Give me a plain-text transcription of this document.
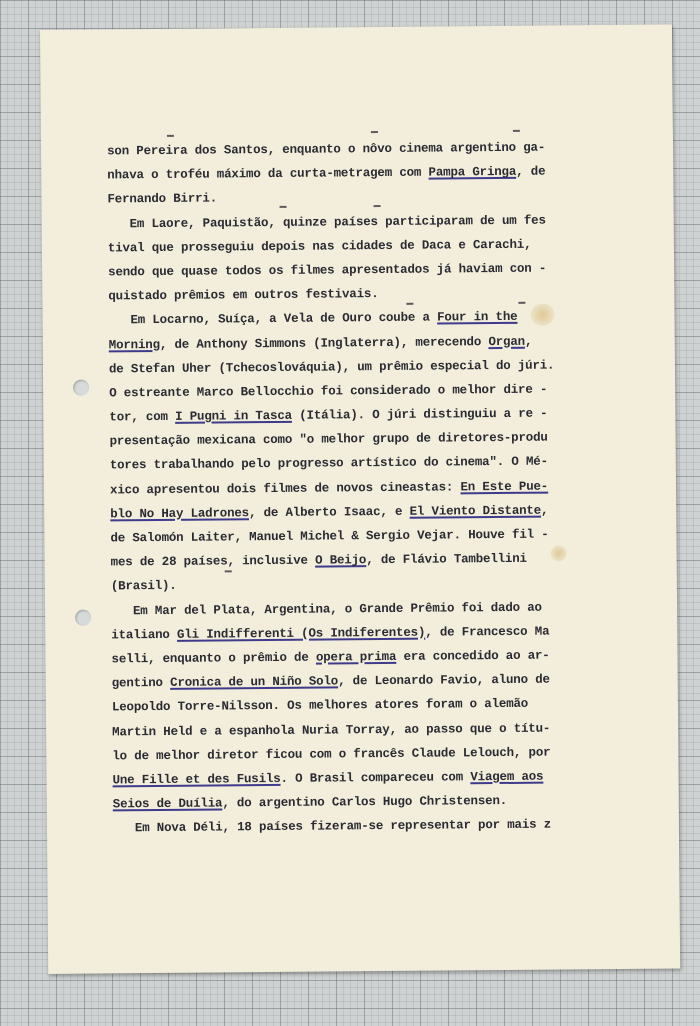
son Pereira dos Santos, enquanto o nôvo cinema argentino ga-
nhava o troféu máximo da curta-metragem com Pampa Gringa, de
Fernando Birri.
Em Laore, Paquistão, quinze países participaram de um fes
tival que prosseguiu depois nas cidades de Daca e Carachi,
sendo que quase todos os filmes apresentados já haviam con -
quistado prêmios em outros festivais.
Em Locarno, Suíça, a Vela de Ouro coube a Four in the
Morning, de Anthony Simmons (Inglaterra), merecendo Organ,
de Stefan Uher (Tchecoslováquia), um prêmio especial do júri.
O estreante Marco Bellocchio foi considerado o melhor dire -
tor, com I Pugni in Tasca (Itália). O júri distinguiu a re -
presentação mexicana como "o melhor grupo de diretores-produ
tores trabalhando pelo progresso artístico do cinema". O Mé-
xico apresentou dois filmes de novos cineastas: En Este Pue-
blo No Hay Ladrones, de Alberto Isaac, e El Viento Distante,
de Salomón Laiter, Manuel Michel & Sergio Vejar. Houve fil -
mes de 28 países, inclusive O Beijo, de Flávio Tambellini
(Brasil).
Em Mar del Plata, Argentina, o Grande Prêmio foi dado ao
italiano Gli Indifferenti (Os Indiferentes), de Francesco Ma
selli, enquanto o prêmio de opera prima era concedido ao ar-
gentino Cronica de un Niño Solo, de Leonardo Favio, aluno de
Leopoldo Torre-Nilsson. Os melhores atores foram o alemão
Martin Held e a espanhola Nuria Torray, ao passo que o títu-
lo de melhor diretor ficou com o francês Claude Lelouch, por
Une Fille et des Fusils. O Brasil compareceu com Viagem aos
Seios de Duília, do argentino Carlos Hugo Christensen.
Em Nova Déli, 18 países fizeram-se representar por mais z
